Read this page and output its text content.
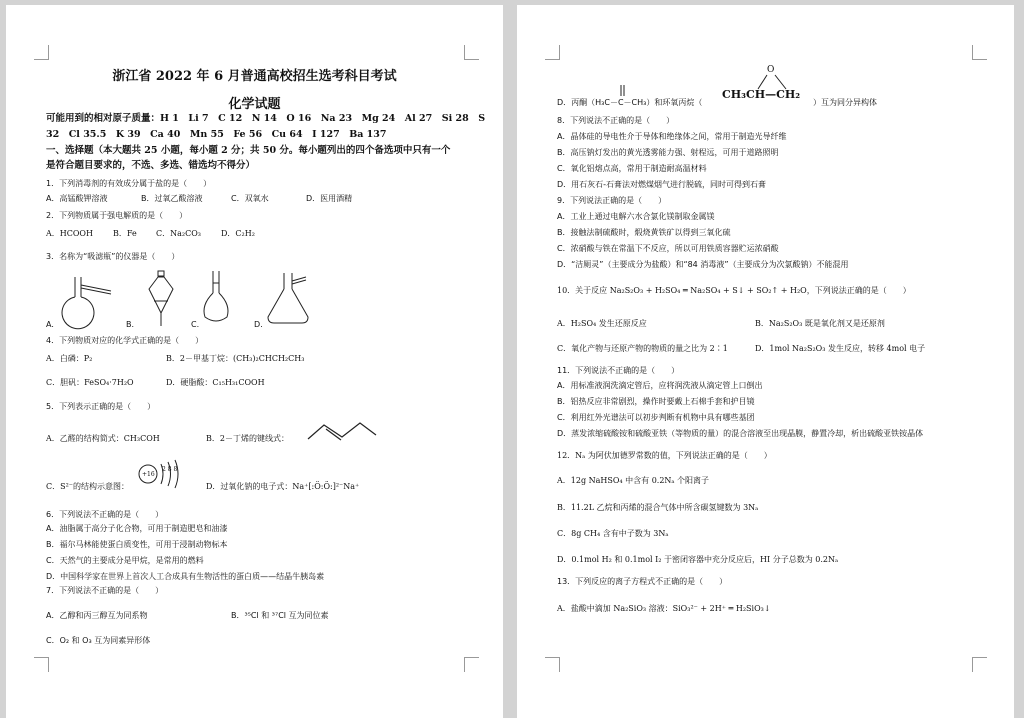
浙江省 2022 年 6 月普通高校招生选考科目考试
化学试题
可能用到的相对原子质量：H 1　Li 7　C 12　N 14　O 16　Na 23　Mg 24　Al 27　Si 28　S
32　Cl 35.5　K 39　Ca 40　Mn 55　Fe 56　Cu 64　I 127　Ba 137
一、选择题（本大题共 25 小题，每小题 2 分；共 50 分。每小题列出的四个备选项中只有一个
是符合题目要求的，不选、多选、错选均不得分）
1．下列消毒剂的有效成分属于盐的是（　　）
A．高锰酸钾溶液	B．过氧乙酸溶液	C．双氧水	D．医用酒精
2．下列物质属于强电解质的是（　　）
A．HCOOH	B．Fe C．Na₂CO₃	D．C₂H₂
3．名称为“吸滤瓶”的仪器是（　　）
A.	B.	C.	D.
4．下列物质对应的化学式正确的是（　　）
A．白磷：P₂	B．2－甲基丁烷：(CH₃)₂CHCH₂CH₃
C．胆矾：FeSO₄·7H₂O	D．硬脂酸：C₁₅H₃₁COOH
5．下列表示正确的是（　　）
A．乙醛的结构简式：CH₃COH	B．2－丁烯的键线式：
C．S²⁻的结构示意图：
+16
2 8 8
D．过氧化钠的电子式：Na⁺[:Ö:Ö:]²⁻Na⁺
6．下列说法不正确的是（　　）
A．油脂属于高分子化合物，可用于制造肥皂和油漆
B．福尔马林能使蛋白质变性，可用于浸制动物标本
C．天然气的主要成分是甲烷，是常用的燃料
D．中国科学家在世界上首次人工合成具有生物活性的蛋白质——结晶牛胰岛素
7．下列说法不正确的是（　　）
A．乙醇和丙三醇互为同系物	B．³⁵Cl 和 ³⁷Cl 互为同位素
C．O₂ 和 O₃ 互为同素异形体
D．丙酮（H₃C－C－CH₃）和环氧丙烷（
O
CH₃CH—CH₂
）互为同分异构体
8．下列说法不正确的是（　　）
A．晶体硅的导电性介于导体和绝缘体之间，常用于制造光导纤维
B．高压钠灯发出的黄光透雾能力强、射程远，可用于道路照明
C．氧化铝熔点高，常用于制造耐高温材料
D．用石灰石-石膏法对燃煤烟气进行脱硫，同时可得到石膏
9．下列说法正确的是（　　）
A．工业上通过电解六水合氯化镁制取金属镁
B．接触法制硫酸时，煅烧黄铁矿以得到三氧化硫
C．浓硝酸与铁在常温下不反应，所以可用铁质容器贮运浓硝酸
D．“洁厕灵”（主要成分为盐酸）和“84 消毒液”（主要成分为次氯酸钠）不能混用
10．关于反应 Na₂S₂O₃ + H₂SO₄ ═ Na₂SO₄ + S↓ + SO₂↑ + H₂O，下列说法正确的是（　　）
A．H₂SO₄ 发生还原反应	B．Na₂S₂O₃ 既是氧化剂又是还原剂
C．氧化产物与还原产物的物质的量之比为 2∶1	D．1mol Na₂S₂O₃ 发生反应，转移 4mol 电子
11．下列说法不正确的是（　　）
A．用标准液润洗滴定管后，应将润洗液从滴定管上口倒出
B．铝热反应非常剧烈，操作时要戴上石棉手套和护目镜
C．利用红外光谱法可以初步判断有机物中具有哪些基团
D．蒸发浓缩硫酸铵和硫酸亚铁（等物质的量）的混合溶液至出现晶膜，静置冷却，析出硫酸亚铁铵晶体
12．Nₐ 为阿伏加德罗常数的值，下列说法正确的是（　　）
A．12g NaHSO₄ 中含有 0.2Nₐ 个阳离子
B．11.2L 乙烷和丙烯的混合气体中所含碳氢键数为 3Nₐ
C．8g CH₄ 含有中子数为 3Nₐ
D．0.1mol H₂ 和 0.1mol I₂ 于密闭容器中充分反应后，HI 分子总数为 0.2Nₐ
13．下列反应的离子方程式不正确的是（　　）
A．盐酸中滴加 Na₂SiO₃ 溶液：SiO₃²⁻ + 2H⁺ ═ H₂SiO₃↓
